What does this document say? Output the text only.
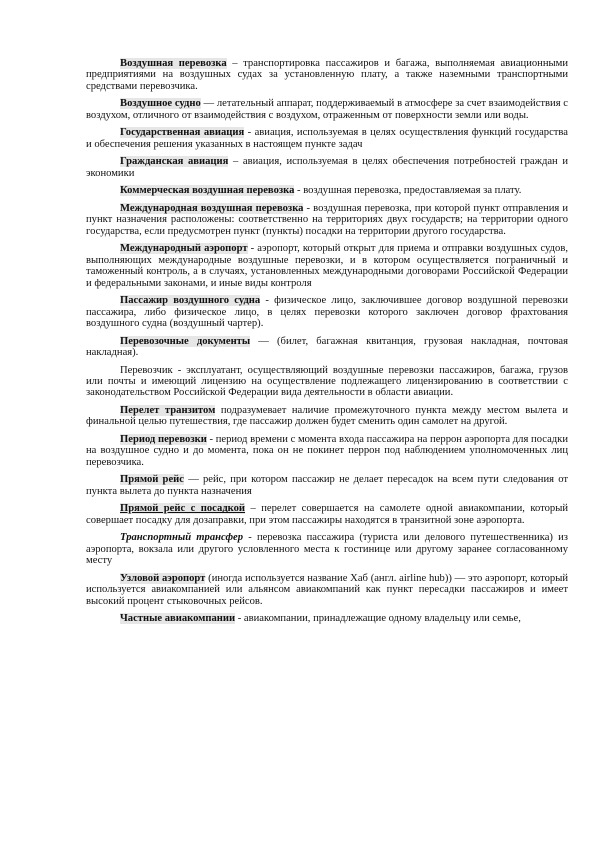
Воздушная перевозка – транспортировка пассажиров и багажа, выполняемая авиационными предприятиями на воздушных судах за установленную плату, а также наземными транспортными средствами перевозчика.

Воздушное судно — летательный аппарат, поддерживаемый в атмосфере за счет взаимодействия с воздухом, отличного от взаимодействия с воздухом, отраженным от поверхности земли или воды.

Государственная авиация - авиация, используемая в целях осуществления функций государства и обеспечения решения указанных в настоящем пункте задач

Гражданская авиация – авиация, используемая в целях обеспечения потребностей граждан и экономики

Коммерческая воздушная перевозка - воздушная перевозка, предоставляемая за плату.

Международная воздушная перевозка - воздушная перевозка, при которой пункт отправления и пункт назначения расположены: соответственно на территориях двух государств; на территории одного государства, если предусмотрен пункт (пункты) посадки на территории другого государства.

Международный аэропорт - аэропорт, который открыт для приема и отправки воздушных судов, выполняющих международные воздушные перевозки, и в котором осуществляется пограничный и таможенный контроль, а в случаях, установленных международными договорами Российской Федерации и федеральными законами, и иные виды контроля

Пассажир воздушного судна - физическое лицо, заключившее договор воздушной перевозки пассажира, либо физическое лицо, в целях перевозки которого заключен договор фрахтования воздушного судна (воздушный чартер).

Перевозочные документы — (билет, багажная квитанция, грузовая накладная, почтовая накладная).

Перевозчик - эксплуатант, осуществляющий воздушные перевозки пассажиров, багажа, грузов или почты и имеющий лицензию на осуществление подлежащего лицензированию в соответствии с законодательством Российской Федерации вида деятельности в области авиации.

Перелет транзитом подразумевает наличие промежуточного пункта между местом вылета и финальной целью путешествия, где пассажир должен будет сменить один самолет на другой.

Период перевозки - период времени с момента входа пассажира на перрон аэропорта для посадки на воздушное судно и до момента, пока он не покинет перрон под наблюдением уполномоченных лиц перевозчика.

Прямой рейс — рейс, при котором пассажир не делает пересадок на всем пути следования от пункта вылета до пункта назначения

Прямой рейс с посадкой – перелет совершается на самолете одной авиакомпании, который совершает посадку для дозаправки, при этом пассажиры находятся в транзитной зоне аэропорта.

Транспортный трансфер - перевозка пассажира (туриста или делового путешественника) из аэропорта, вокзала или другого условленного места к гостинице или другому заранее согласованному месту

Узловой аэропорт (иногда используется название Хаб (англ. airline hub)) — это аэропорт, который используется авиакомпанией или альянсом авиакомпаний как пункт пересадки пассажиров и имеет высокий процент стыковочных рейсов.

Частные авиакомпании - авиакомпании, принадлежащие одному владельцу или семье,
